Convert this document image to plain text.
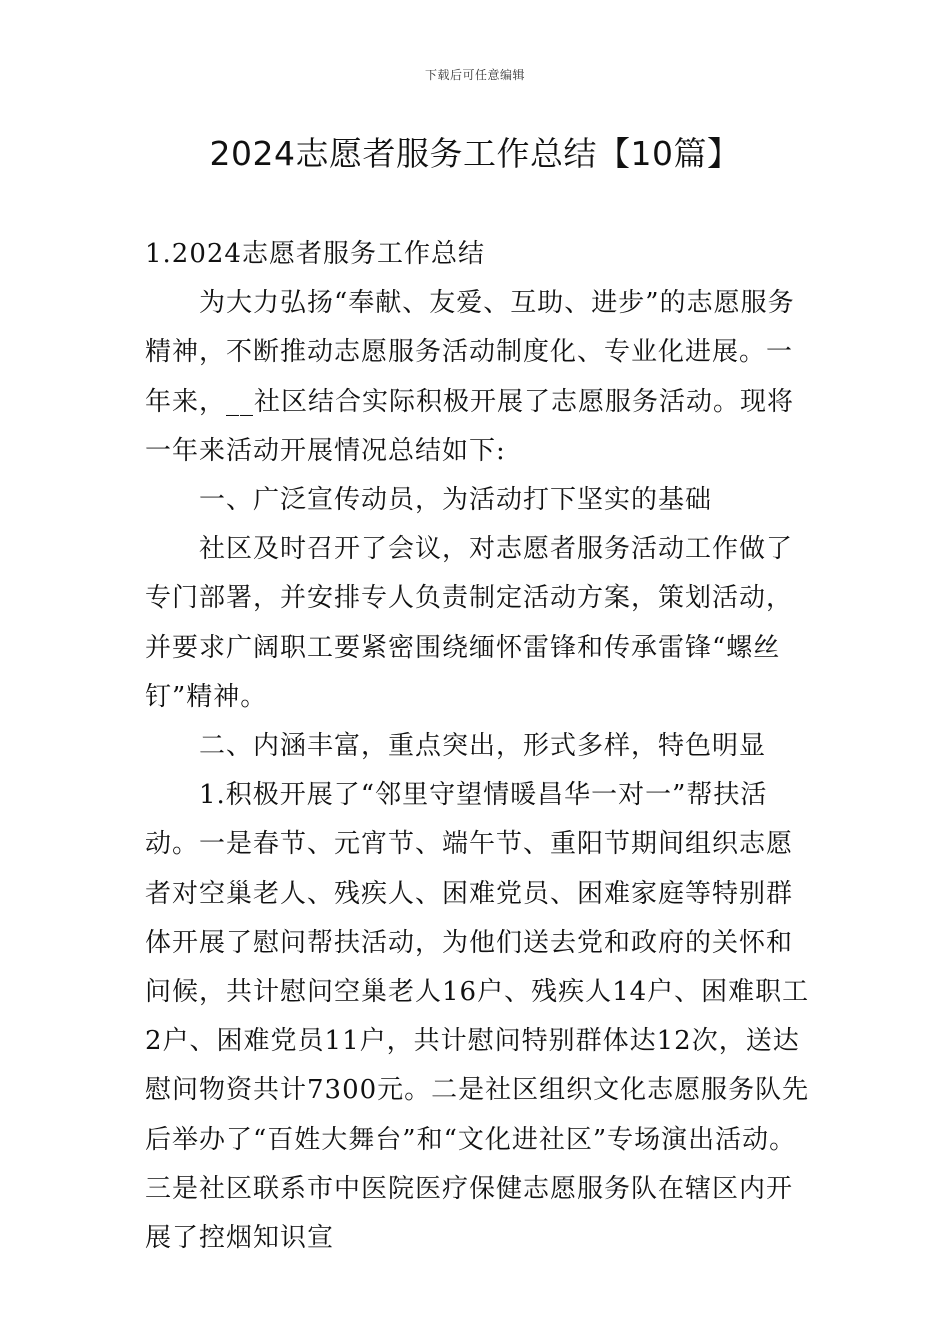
下载后可任意编辑
2024志愿者服务工作总结【10篇】

1.2024志愿者服务工作总结

为大力弘扬“奉献、友爱、互助、进步”的志愿服务精神，不断推动志愿服务活动制度化、专业化进展。一年来，__社区结合实际积极开展了志愿服务活动。现将一年来活动开展情况总结如下:

一、广泛宣传动员，为活动打下坚实的基础

社区及时召开了会议，对志愿者服务活动工作做了专门部署，并安排专人负责制定活动方案，策划活动，并要求广阔职工要紧密围绕缅怀雷锋和传承雷锋“螺丝钉”精神。

二、内涵丰富，重点突出，形式多样，特色明显

1.积极开展了“邻里守望情暖昌华一对一”帮扶活动。一是春节、元宵节、端午节、重阳节期间组织志愿者对空巢老人、残疾人、困难党员、困难家庭等特别群体开展了慰问帮扶活动，为他们送去党和政府的关怀和问候，共计慰问空巢老人16户、残疾人14户、困难职工2户、困难党员11户，共计慰问特别群体达12次，送达慰问物资共计7300元。二是社区组织文化志愿服务队先后举办了“百姓大舞台”和“文化进社区”专场演出活动。三是社区联系市中医院医疗保健志愿服务队在辖区内开展了控烟知识宣
